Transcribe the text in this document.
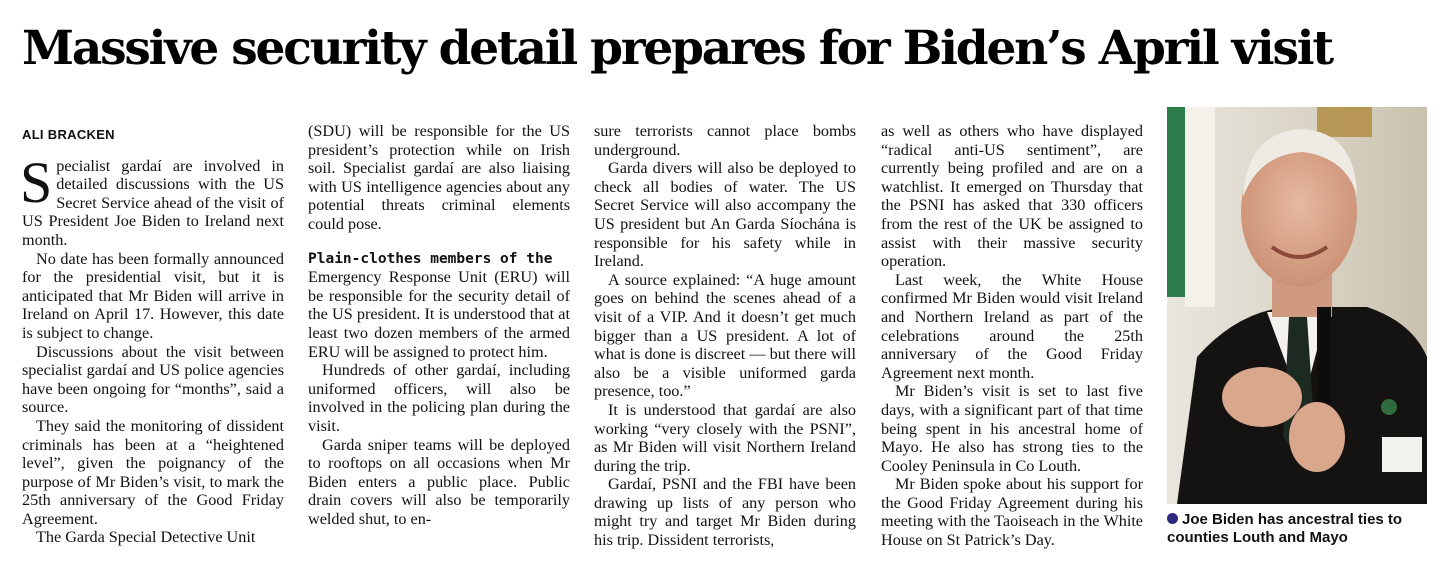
Massive security detail prepares for Biden’s April visit
ALI BRACKEN

Specialist gardaí are involved in detailed discussions with the US Secret Service ahead of the visit of US President Joe Biden to Ireland next month.

No date has been formally announced for the presidential visit, but it is anticipated that Mr Biden will arrive in Ireland on April 17. However, this date is subject to change.

Discussions about the visit between specialist gardaí and US police agencies have been ongoing for “months”, said a source.

They said the monitoring of dissident criminals has been at a “heightened level”, given the poignancy of the purpose of Mr Biden’s visit, to mark the 25th anniversary of the Good Friday Agreement.

The Garda Special Detective Unit

(SDU) will be responsible for the US president’s protection while on Irish soil. Specialist gardaí are also liaising with US intelligence agencies about any potential threats criminal elements could pose.

Plain-clothes members of the

Emergency Response Unit (ERU) will be responsible for the security detail of the US president. It is understood that at least two dozen members of the armed ERU will be assigned to protect him.

Hundreds of other gardaí, including uniformed officers, will also be involved in the policing plan during the visit.

Garda sniper teams will be deployed to rooftops on all occasions when Mr Biden enters a public place. Public drain covers will also be temporarily welded shut, to en-

sure terrorists cannot place bombs underground.

Garda divers will also be deployed to check all bodies of water. The US Secret Service will also accompany the US president but An Garda Síochána is responsible for his safety while in Ireland.

A source explained: “A huge amount goes on behind the scenes ahead of a visit of a VIP. And it doesn’t get much bigger than a US president. A lot of what is done is discreet — but there will also be a visible uniformed garda presence, too.”

It is understood that gardaí are also working “very closely with the PSNI”, as Mr Biden will visit Northern Ireland during the trip.

Gardaí, PSNI and the FBI have been drawing up lists of any person who might try and target Mr Biden during his trip. Dissident terrorists,

as well as others who have displayed “radical anti-US sentiment”, are currently being profiled and are on a watchlist. It emerged on Thursday that the PSNI has asked that 330 officers from the rest of the UK be assigned to assist with their massive security operation.

Last week, the White House confirmed Mr Biden would visit Ireland and Northern Ireland as part of the celebrations around the 25th anniversary of the Good Friday Agreement next month.

Mr Biden’s visit is set to last five days, with a significant part of that time being spent in his ancestral home of Mayo. He also has strong ties to the Cooley Peninsula in Co Louth.

Mr Biden spoke about his support for the Good Friday Agreement during his meeting with the Taoiseach in the White House on St Patrick’s Day.

Joe Biden has ancestral ties to counties Louth and Mayo
